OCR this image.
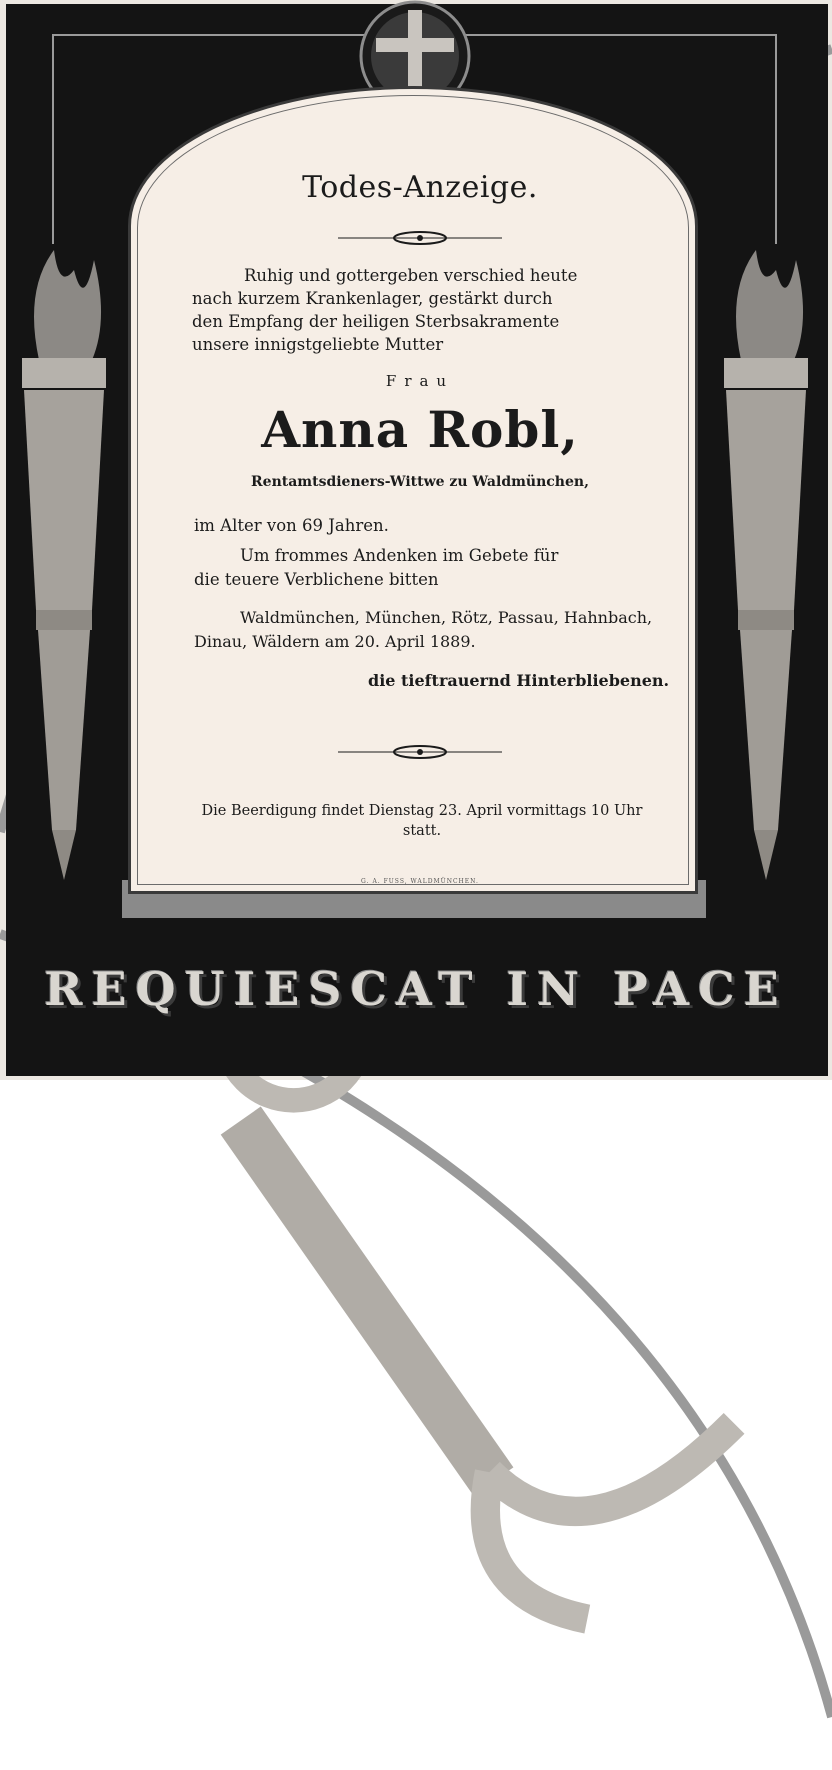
Todes-Anzeige.
Ruhig und gottergeben verschied heute
nach kurzem Krankenlager, gestärkt durch
den Empfang der heiligen Sterbsakramente
unsere innigstgeliebte Mutter
Frau
Anna Robl,
Rentamtsdieners-Wittwe zu Waldmünchen,
im Alter von 69 Jahren.
Um frommes Andenken im Gebete für
die teuere Verblichene bitten
Waldmünchen, München, Rötz, Passau, Hahnbach,
Dinau, Wäldern am 20. April 1889.
die tieftrauernd Hinterbliebenen.
Die Beerdigung findet Dienstag 23. April vormittags 10 Uhr statt.
G. A. FUSS, WALDMÜNCHEN.
REQUIESCAT IN PACE
